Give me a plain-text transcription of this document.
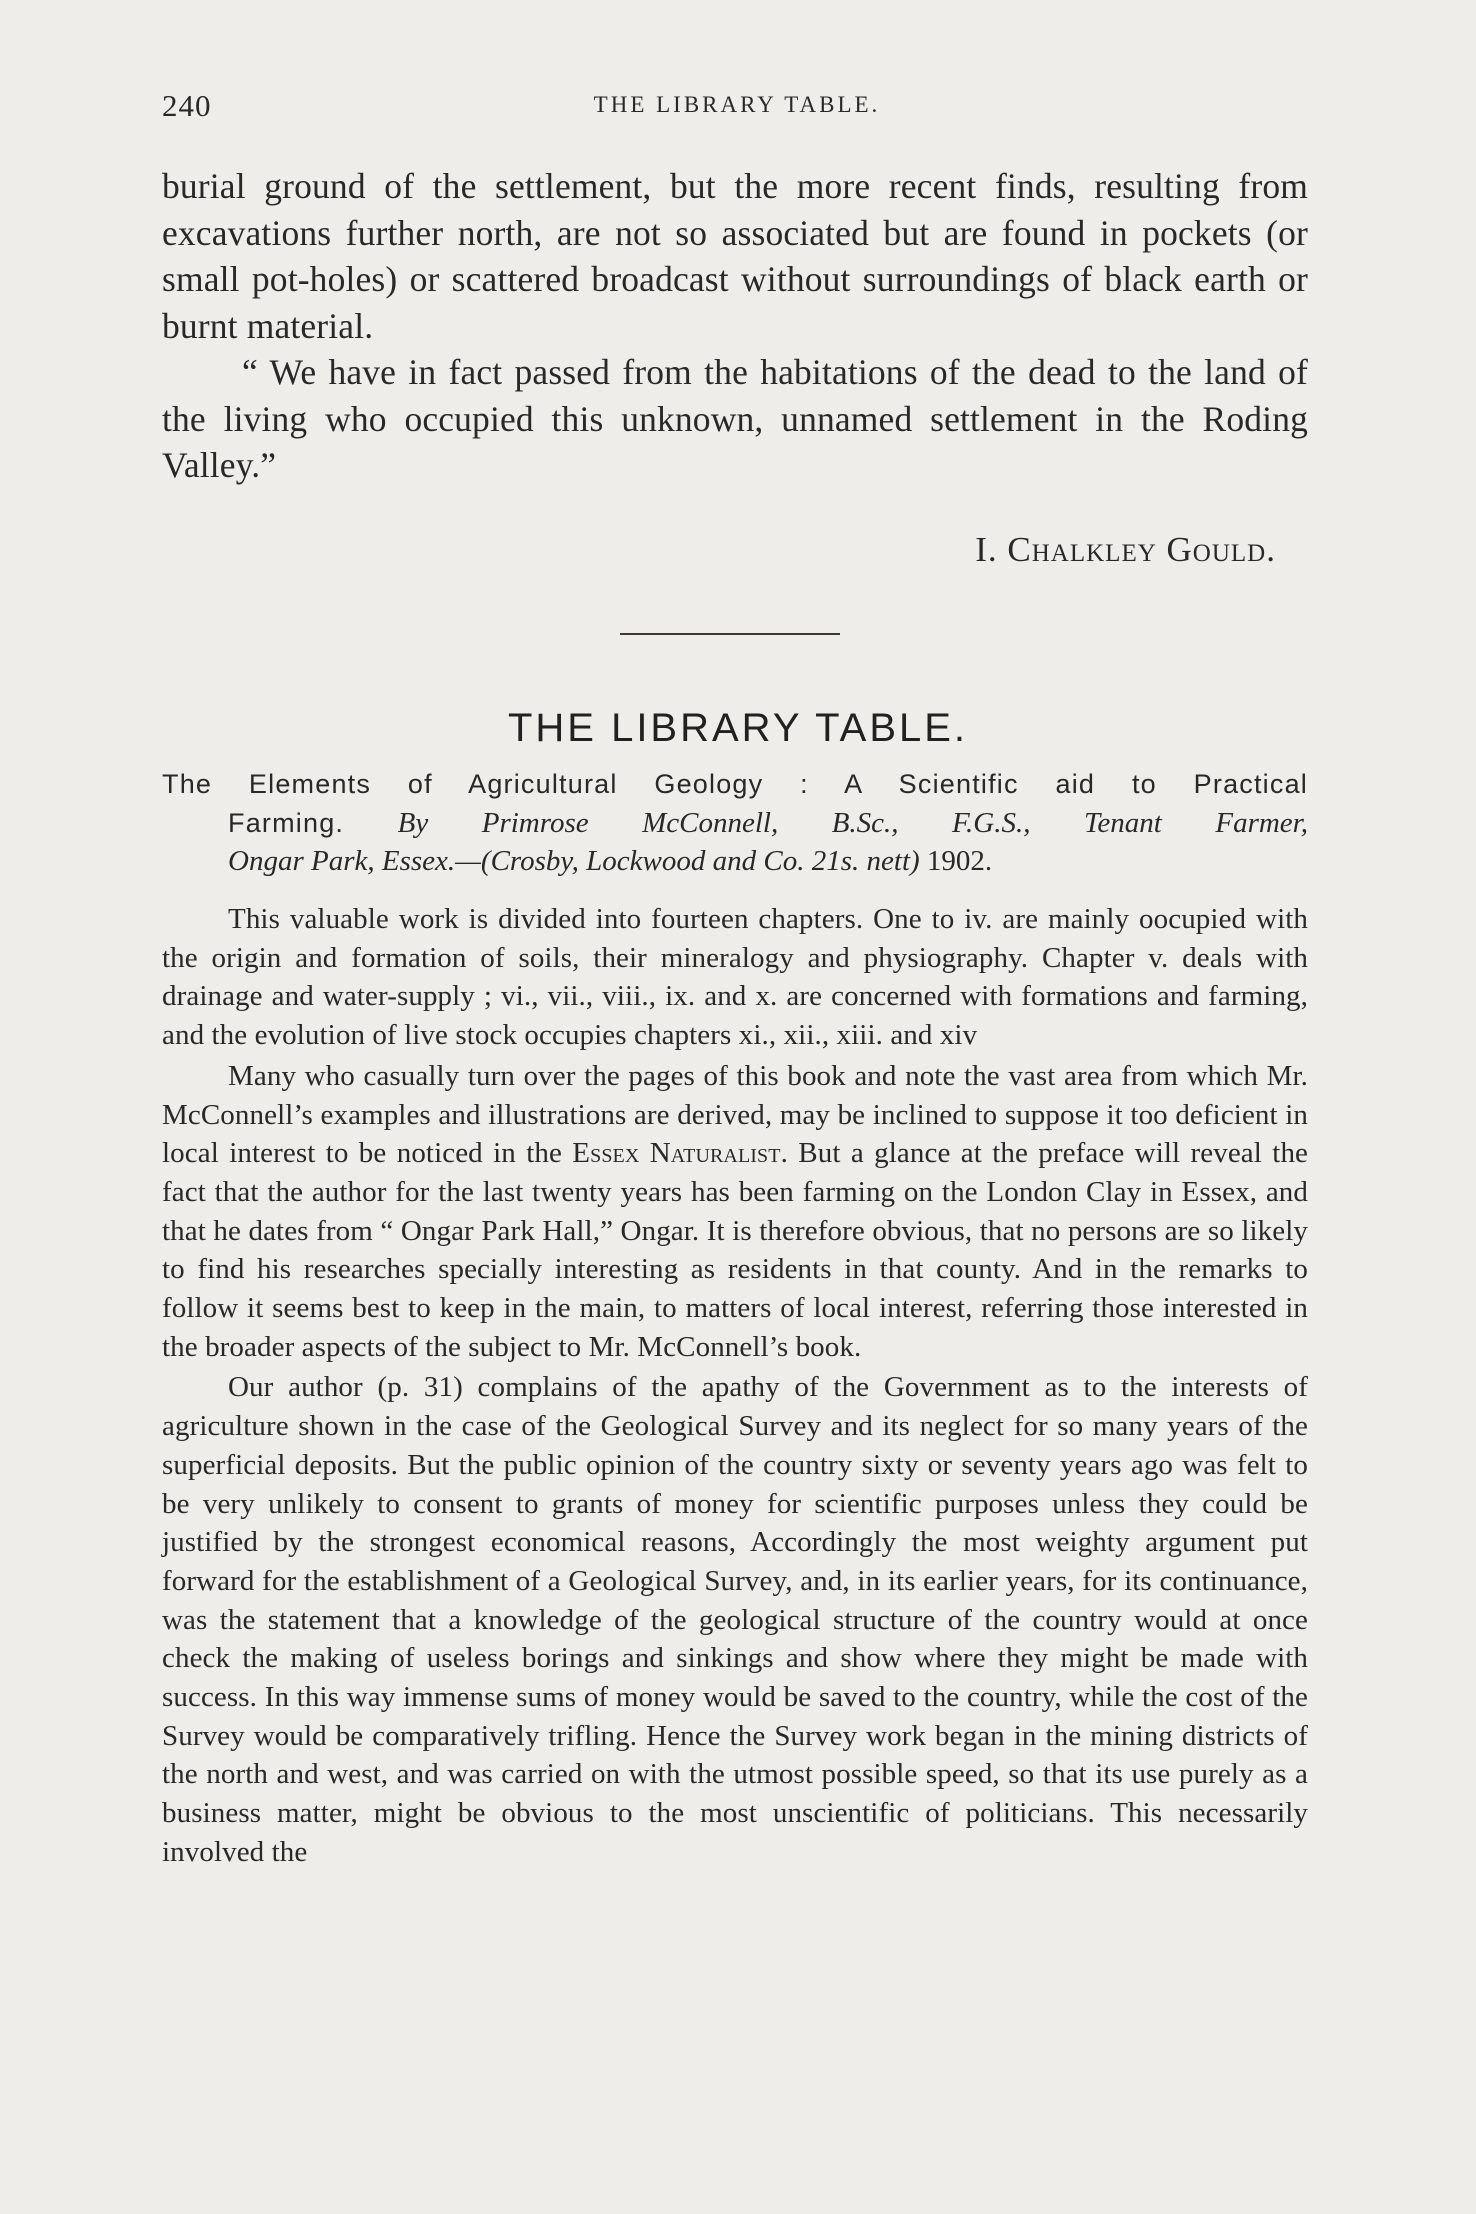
240	THE LIBRARY TABLE.

burial ground of the settlement, but the more recent finds, resulting from excavations further north, are not so associated but are found in pockets (or small pot-holes) or scattered broadcast without surroundings of black earth or burnt material.

“ We have in fact passed from the habitations of the dead to the land of the living who occupied this unknown, unnamed settlement in the Roding Valley.”

I. Chalkley Gould.
THE LIBRARY TABLE.
The Elements of Agricultural Geology : A Scientific aid to Practical
Farming. By Primrose McConnell, B.Sc., F.G.S., Tenant Farmer,
Ongar Park, Essex.—(Crosby, Lockwood and Co. 21s. nett) 1902.

This valuable work is divided into fourteen chapters. One to iv. are mainly oocupied with the origin and formation of soils, their mineralogy and physiography. Chapter v. deals with drainage and water-supply ; vi., vii., viii., ix. and x. are concerned with formations and farming, and the evolution of live stock occupies chapters xi., xii., xiii. and xiv

Many who casually turn over the pages of this book and note the vast area from which Mr. McConnell’s examples and illustrations are derived, may be inclined to suppose it too deficient in local interest to be noticed in the Essex Naturalist. But a glance at the preface will reveal the fact that the author for the last twenty years has been farming on the London Clay in Essex, and that he dates from “ Ongar Park Hall,” Ongar. It is therefore obvious, that no persons are so likely to find his researches specially interesting as residents in that county. And in the remarks to follow it seems best to keep in the main, to matters of local interest, referring those interested in the broader aspects of the subject to Mr. McConnell’s book.

Our author (p. 31) complains of the apathy of the Government as to the interests of agriculture shown in the case of the Geological Survey and its neglect for so many years of the superficial deposits. But the public opinion of the country sixty or seventy years ago was felt to be very unlikely to consent to grants of money for scientific purposes unless they could be justified by the strongest economical reasons, Accordingly the most weighty argument put forward for the establishment of a Geological Survey, and, in its earlier years, for its continuance, was the statement that a knowledge of the geological structure of the country would at once check the making of useless borings and sinkings and show where they might be made with success. In this way immense sums of money would be saved to the country, while the cost of the Survey would be comparatively trifling. Hence the Survey work began in the mining districts of the north and west, and was carried on with the utmost possible speed, so that its use purely as a business matter, might be obvious to the most unscientific of politicians. This necessarily involved the
